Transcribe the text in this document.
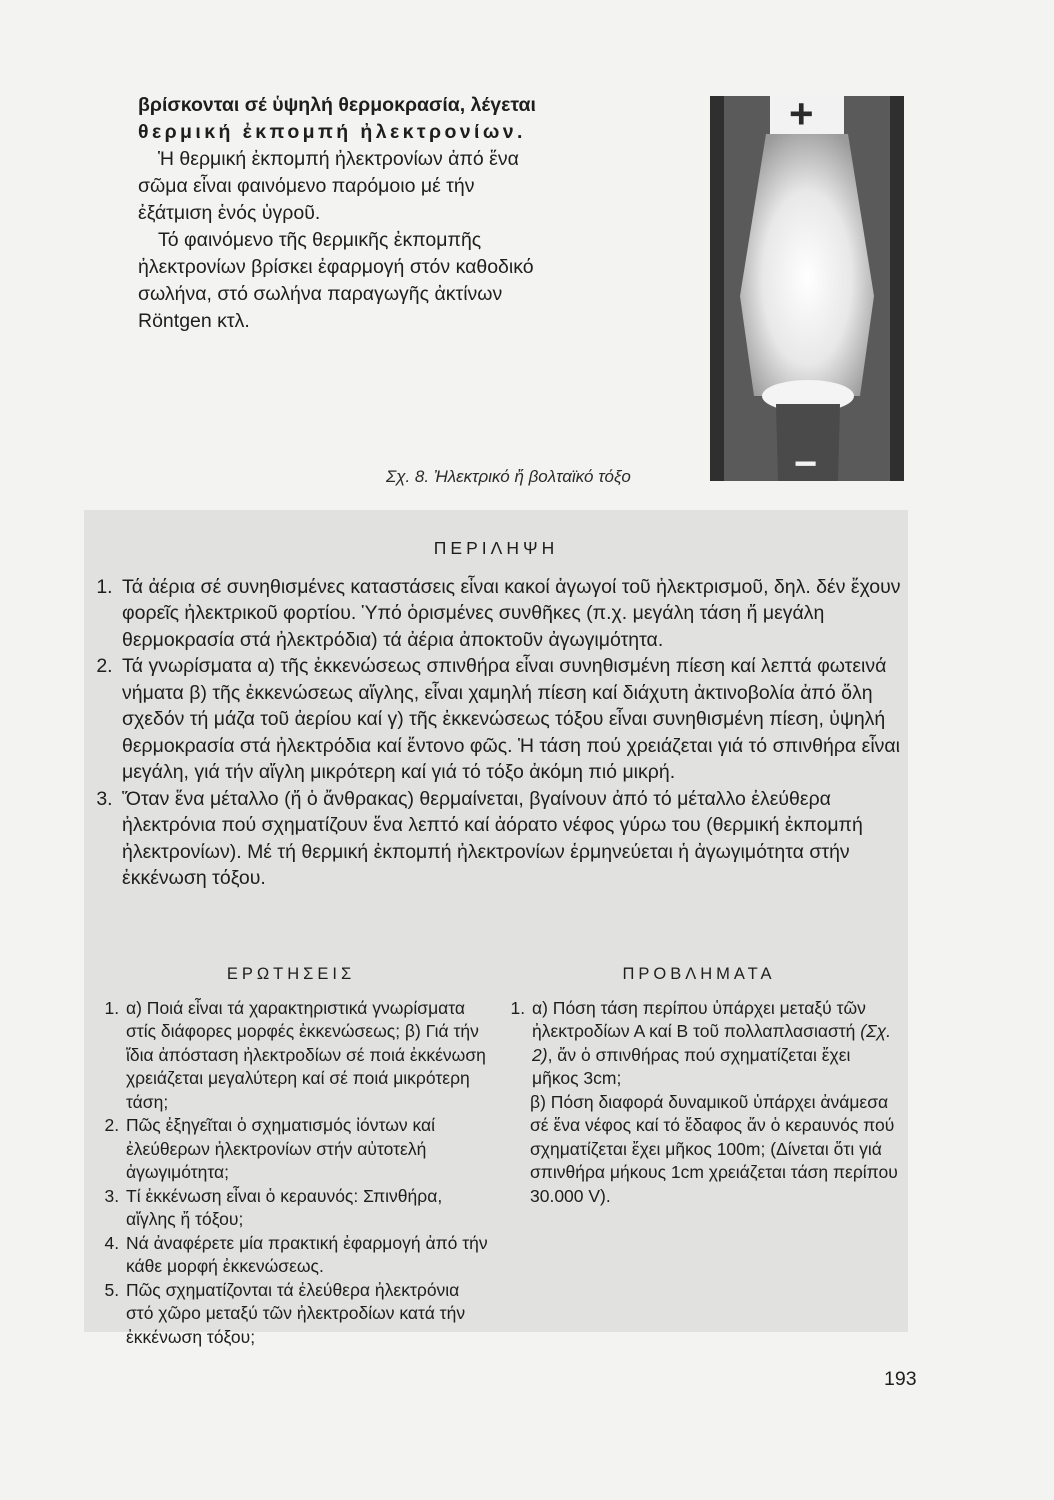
βρίσκονται σέ ὑψηλή θερμοκρασία, λέγεται

θερμική ἐκπομπή ἠλεκτρονίων.

Ἡ θερμική ἐκπομπή ἠλεκτρονίων ἀπό ἕνα σῶμα εἶναι φαινόμενο παρόμοιο μέ τήν ἐξάτμιση ἑνός ὑγροῦ.

Τό φαινόμενο τῆς θερμικῆς ἐκπομπῆς ἠλεκτρονίων βρίσκει ἐφαρμογή στόν καθοδικό σωλήνα, στό σωλήνα παραγωγῆς ἀκτίνων Röntgen κτλ.

+
−
Σχ. 8. Ἠλεκτρικό ἤ βολταϊκό τόξο
ΠΕΡΙΛΗΨΗ
1. Τά ἀέρια σέ συνηθισμένες καταστάσεις εἶναι κακοί ἀγωγοί τοῦ ἠλεκτρισμοῦ, δηλ. δέν ἔχουν φορεῖς ἠλεκτρικοῦ φορτίου. Ὑπό ὁρισμένες συνθῆκες (π.χ. μεγάλη τάση ἤ μεγάλη θερμοκρασία στά ἠλεκτρόδια) τά ἀέρια ἀποκτοῦν ἀγωγιμότητα.
2. Τά γνωρίσματα α) τῆς ἐκκενώσεως σπινθήρα εἶναι συνηθισμένη πίεση καί λεπτά φωτεινά νήματα β) τῆς ἐκκενώσεως αἴγλης, εἶναι χαμηλή πίεση καί διάχυτη ἀκτινοβολία ἀπό ὅλη σχεδόν τή μάζα τοῦ ἀερίου καί γ) τῆς ἐκκενώσεως τόξου εἶναι συνηθισμένη πίεση, ὑψηλή θερμοκρασία στά ἠλεκτρόδια καί ἔντονο φῶς. Ἡ τάση πού χρειάζεται γιά τό σπινθήρα εἶναι μεγάλη, γιά τήν αἴγλη μικρότερη καί γιά τό τόξο ἀκόμη πιό μικρή.
3. Ὅταν ἕνα μέταλλο (ἤ ὁ ἄνθρακας) θερμαίνεται, βγαίνουν ἀπό τό μέταλλο ἐλεύθερα ἠλεκτρόνια πού σχηματίζουν ἕνα λεπτό καί ἀόρατο νέφος γύρω του (θερμική ἐκπομπή ἠλεκτρονίων). Μέ τή θερμική ἐκπομπή ἠλεκτρονίων ἑρμηνεύεται ἡ ἀγωγιμότητα στήν ἐκκένωση τόξου.
ΕΡΩΤΗΣΕΙΣ
1. α) Ποιά εἶναι τά χαρακτηριστικά γνωρίσματα στίς διάφορες μορφές ἐκκενώσεως; β) Γιά τήν ἴδια ἀπόσταση ἠλεκτροδίων σέ ποιά ἐκκένωση χρειάζεται μεγαλύτερη καί σέ ποιά μικρότερη τάση;
2. Πῶς ἐξηγεῖται ὁ σχηματισμός ἰόντων καί ἐλεύθερων ἠλεκτρονίων στήν αὐτοτελή ἀγωγιμότητα;
3. Τί ἐκκένωση εἶναι ὁ κεραυνός: Σπινθήρα, αἴγλης ἤ τόξου;
4. Νά ἀναφέρετε μία πρακτική ἐφαρμογή ἀπό τήν κάθε μορφή ἐκκενώσεως.
5. Πῶς σχηματίζονται τά ἐλεύθερα ἠλεκτρόνια στό χῶρο μεταξύ τῶν ἠλεκτροδίων κατά τήν ἐκκένωση τόξου;
ΠΡΟΒΛΗΜΑΤΑ
1. α) Πόση τάση περίπου ὑπάρχει μεταξύ τῶν ἠλεκτροδίων Α καί Β τοῦ πολλαπλασιαστή (Σχ. 2), ἄν ὁ σπινθήρας πού σχηματίζεται ἔχει μῆκος 3cm;

β) Πόση διαφορά δυναμικοῦ ὑπάρχει ἀνάμεσα σέ ἕνα νέφος καί τό ἔδαφος ἄν ὁ κεραυνός πού σχηματίζεται ἔχει μῆκος 100m; (Δίνεται ὅτι γιά σπινθήρα μήκους 1cm χρειάζεται τάση περίπου 30.000 V).

193
